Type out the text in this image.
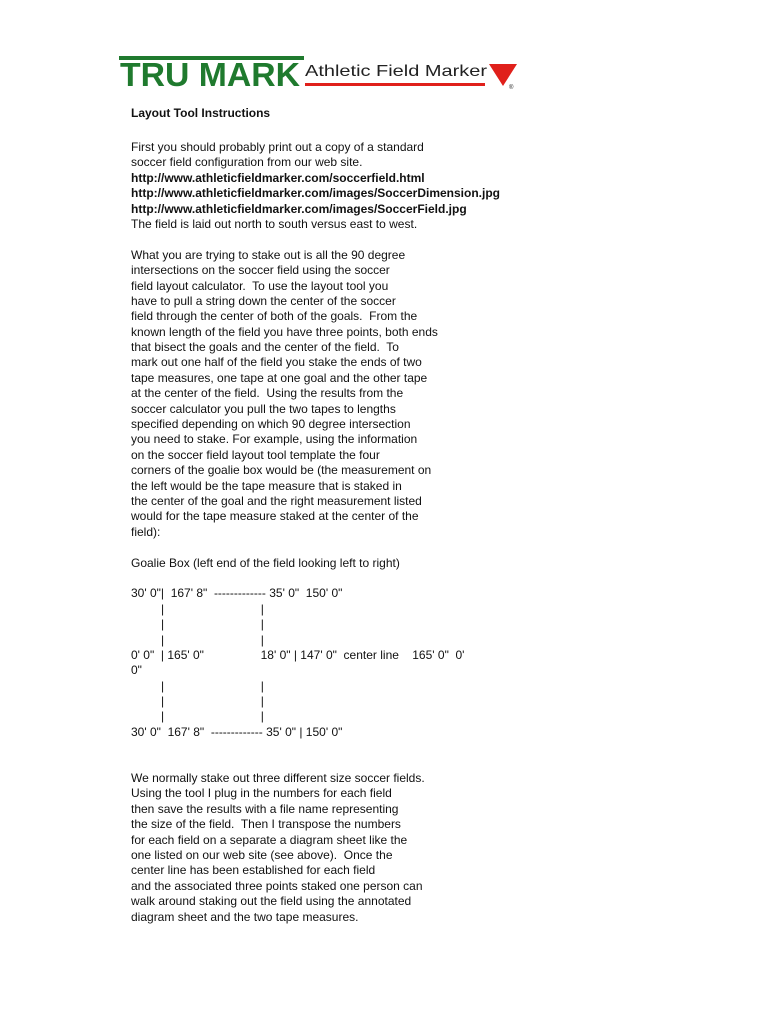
TRU MARK Athletic Field Marker
®
Layout Tool Instructions
First you should probably print out a copy of a standard
soccer field configuration from our web site.
http://www.athleticfieldmarker.com/soccerfield.html
http://www.athleticfieldmarker.com/images/SoccerDimension.jpg
http://www.athleticfieldmarker.com/images/SoccerField.jpg
The field is laid out north to south versus east to west.
What you are trying to stake out is all the 90 degree
intersections on the soccer field using the soccer
field layout calculator.  To use the layout tool you
have to pull a string down the center of the soccer
field through the center of both of the goals.  From the
known length of the field you have three points, both ends
that bisect the goals and the center of the field.  To
mark out one half of the field you stake the ends of two
tape measures, one tape at one goal and the other tape
at the center of the field.  Using the results from the
soccer calculator you pull the two tapes to lengths
specified depending on which 90 degree intersection
you need to stake. For example, using the information
on the soccer field layout tool template the four
corners of the goalie box would be (the measurement on
the left would be the tape measure that is staked in
the center of the goal and the right measurement listed
would for the tape measure staked at the center of the
field):
Goalie Box (left end of the field looking left to right)
30' 0"|  167' 8"  ------------- 35' 0"  150' 0"
|                             |
|                             |
|                             |
0' 0"  | 165' 0"                 18' 0" | 147' 0"  center line    165' 0"  0'
0"
|                             |
|                             |
|                             |
30' 0"  167' 8"  ------------- 35' 0" | 150' 0"
We normally stake out three different size soccer fields.
Using the tool I plug in the numbers for each field
then save the results with a file name representing
the size of the field.  Then I transpose the numbers
for each field on a separate a diagram sheet like the
one listed on our web site (see above).  Once the
center line has been established for each field
and the associated three points staked one person can
walk around staking out the field using the annotated
diagram sheet and the two tape measures.
